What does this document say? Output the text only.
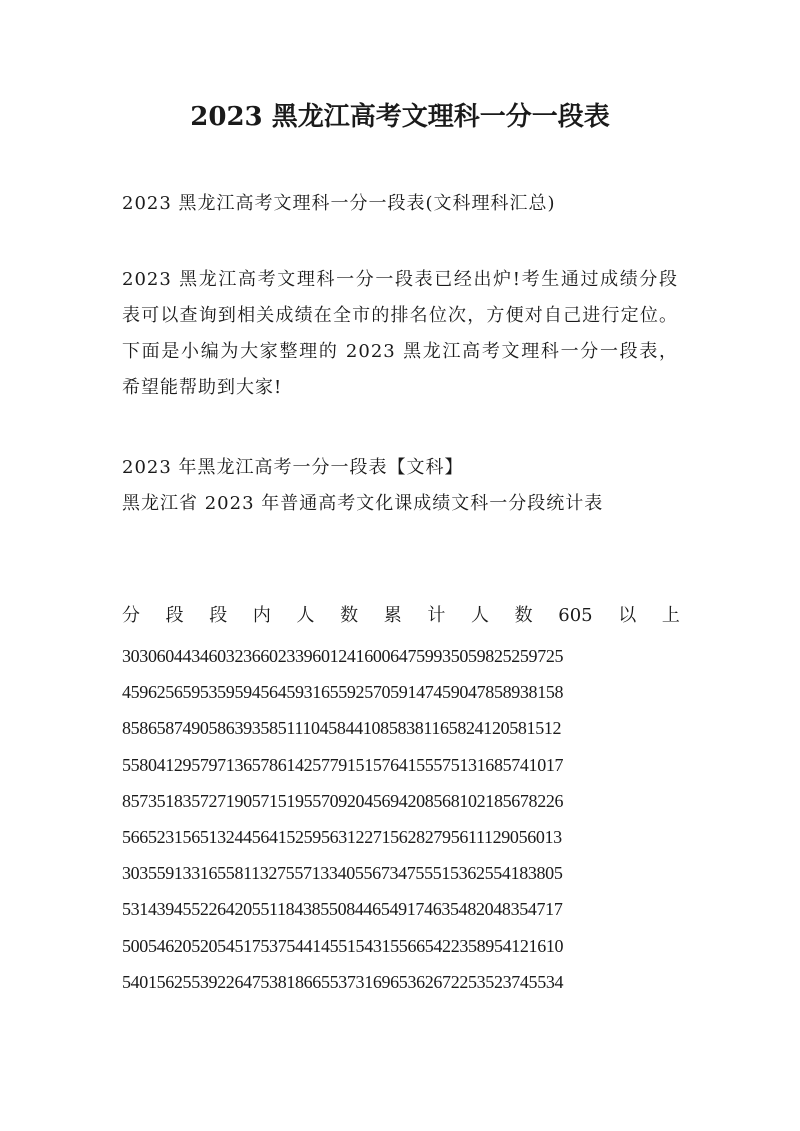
2023 黑龙江高考文理科一分一段表

2023 黑龙江高考文理科一分一段表(文科理科汇总)

2023 黑龙江高考文理科一分一段表已经出炉!考生通过成绩分段表可以查询到相关成绩在全市的排名位次，方便对自己进行定位。下面是小编为大家整理的 2023 黑龙江高考文理科一分一段表，希望能帮助到大家!

2023 年黑龙江高考一分一段表【文科】

黑龙江省 2023 年普通高考文化课成绩文科一分段统计表

分 段 段 内 人 数 累 计 人 数 605 以 上
303060443460323660233960124160064759935059825259725
459625659535959456459316559257059147459047858938158
858658749058639358511104584410858381165824120581512
558041295797136578614257791515764155575131685741017
857351835727190571519557092045694208568102185678226
566523156513244564152595631227156282795611129056013
303559133165581132755713340556734755515362554183805
531439455226420551184385508446549174635482048354717
500546205205451753754414551543155665422358954121610
540156255392264753818665537316965362672253523745534
